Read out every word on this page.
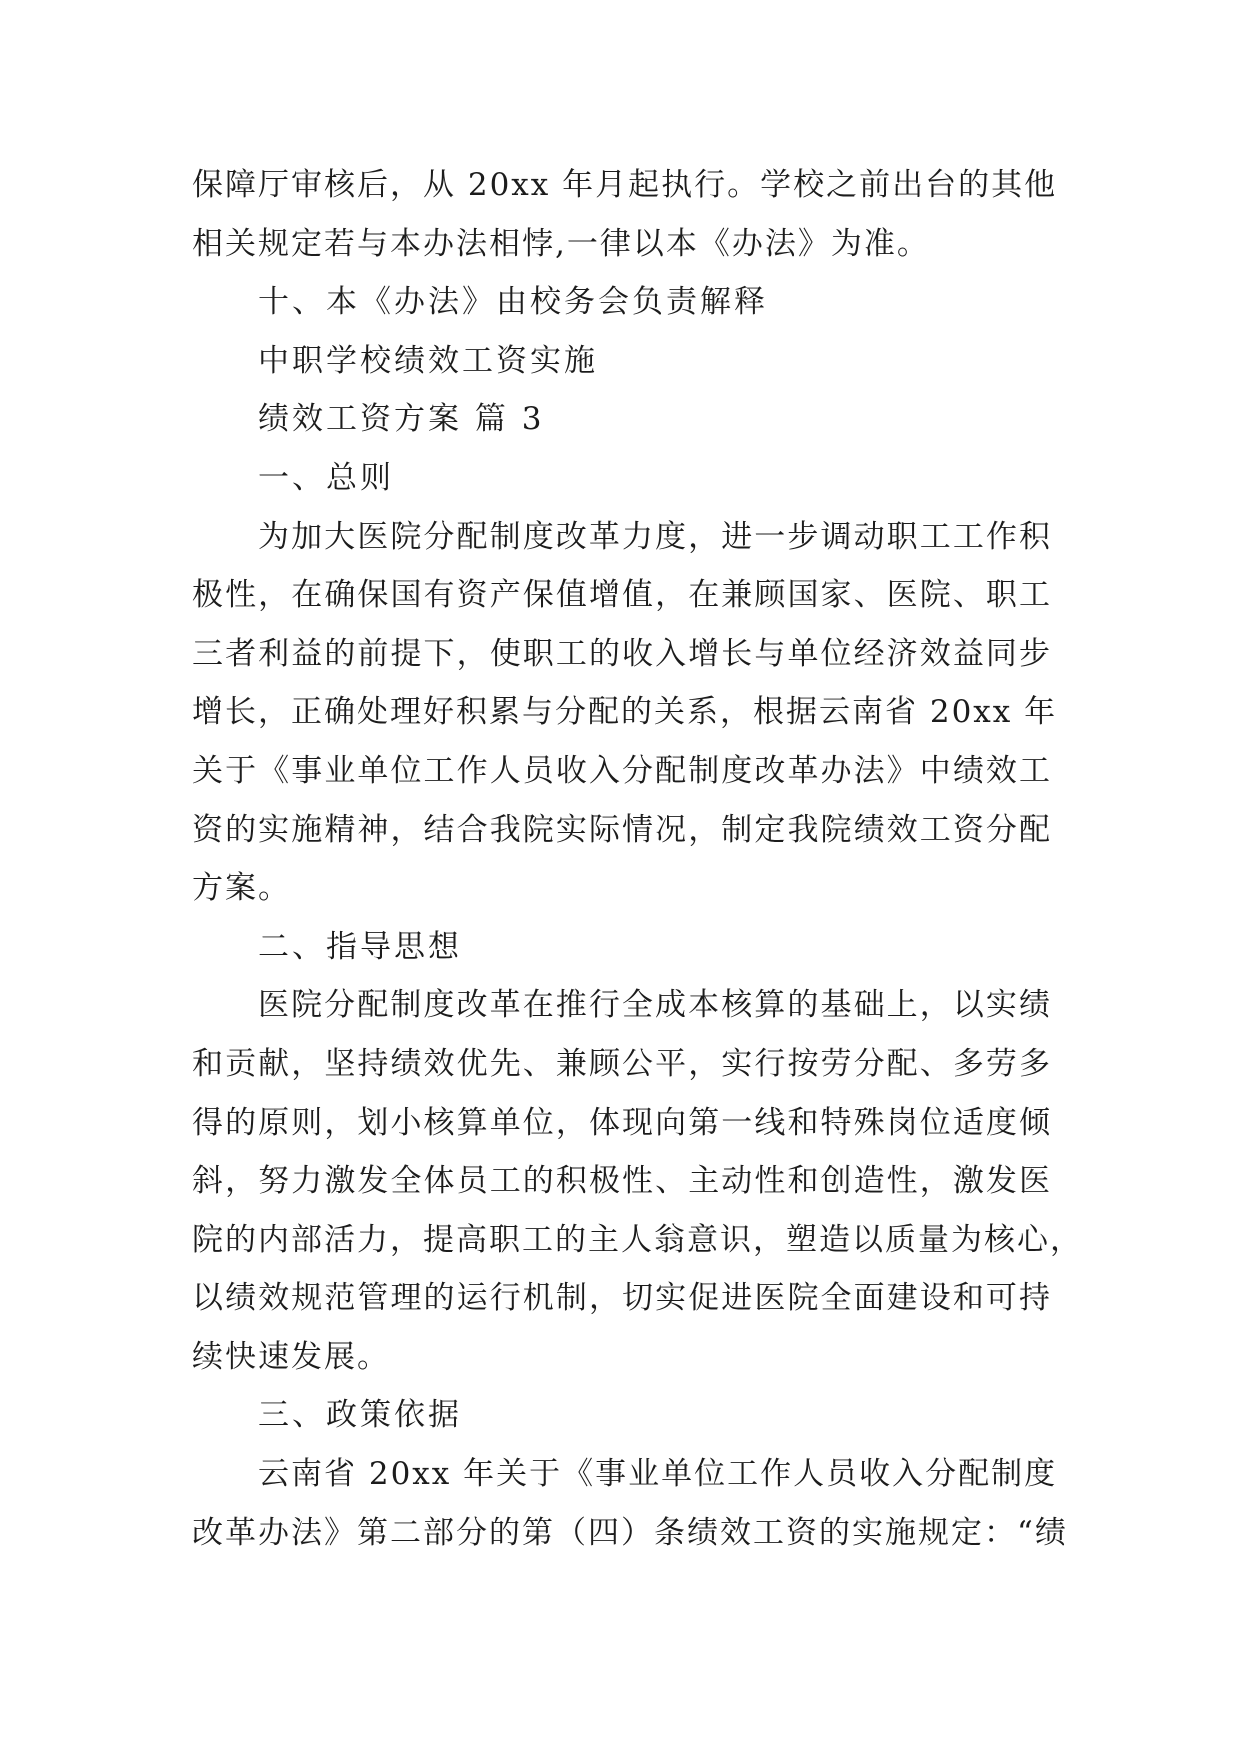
保障厅审核后，从 20xx 年月起执行。学校之前出台的其他
相关规定若与本办法相悖,一律以本《办法》为准。
十、本《办法》由校务会负责解释
中职学校绩效工资实施
绩效工资方案 篇 3
一、总则
为加大医院分配制度改革力度，进一步调动职工工作积
极性，在确保国有资产保值增值，在兼顾国家、医院、职工
三者利益的前提下，使职工的收入增长与单位经济效益同步
增长，正确处理好积累与分配的关系，根据云南省 20xx 年
关于《事业单位工作人员收入分配制度改革办法》中绩效工
资的实施精神，结合我院实际情况，制定我院绩效工资分配
方案。
二、指导思想
医院分配制度改革在推行全成本核算的基础上，以实绩
和贡献，坚持绩效优先、兼顾公平，实行按劳分配、多劳多
得的原则，划小核算单位，体现向第一线和特殊岗位适度倾
斜，努力激发全体员工的积极性、主动性和创造性，激发医
院的内部活力，提高职工的主人翁意识，塑造以质量为核心，
以绩效规范管理的运行机制，切实促进医院全面建设和可持
续快速发展。
三、政策依据
云南省 20xx 年关于《事业单位工作人员收入分配制度
改革办法》第二部分的第（四）条绩效工资的实施规定：“绩
